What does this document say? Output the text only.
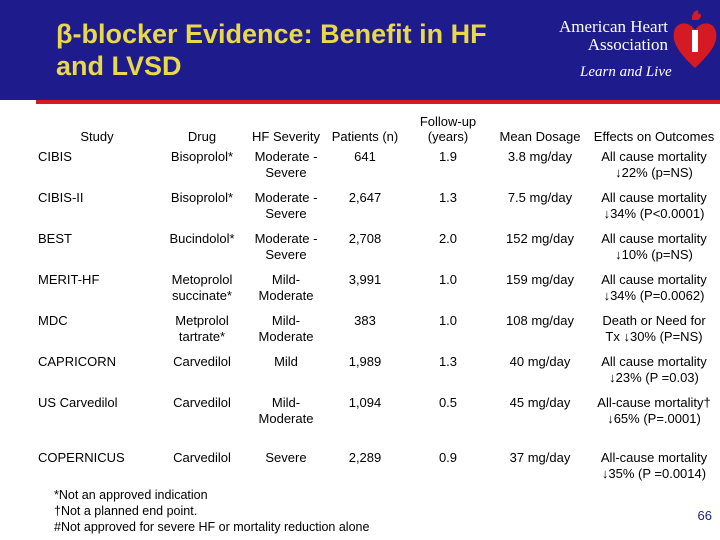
β-blocker Evidence: Benefit in HF and LVSD
American Heart
Association
Learn and Live
Study	Drug	HF Severity	Patients (n)	Follow-up (years)	Mean Dosage	Effects on Outcomes
CIBIS	Bisoprolol*	Moderate -Severe	641	1.9	3.8 mg/day	All cause mortality
↓22% (p=NS)

CIBIS-II	Bisoprolol*	Moderate -Severe	2,647	1.3	7.5 mg/day	All cause mortality
↓34% (P<0.0001)

BEST	Bucindolol*	Moderate -Severe	2,708	2.0	152 mg/day	All cause mortality
↓10% (p=NS)

MERIT-HF	Metoprolol succinate*	Mild- Moderate	3,991	1.0	159 mg/day	All cause mortality
↓34% (P=0.0062)

MDC	Metprolol tartrate*	Mild- Moderate	383	1.0	108 mg/day	Death or Need for
Tx ↓30% (P=NS)

CAPRICORN	Carvedilol	Mild	1,989	1.3	40 mg/day	All cause mortality
↓23% (P =0.03)

US Carvedilol	Carvedilol	Mild- Moderate	1,094	0.5	45 mg/day	All-cause mortality†
↓65% (P=.0001)

COPERNICUS	Carvedilol	Severe	2,289	0.9	37 mg/day	All-cause mortality
↓35% (P =0.0014)
*Not an approved indication
†Not a planned end point.
#Not approved for severe HF or mortality reduction alone
66
